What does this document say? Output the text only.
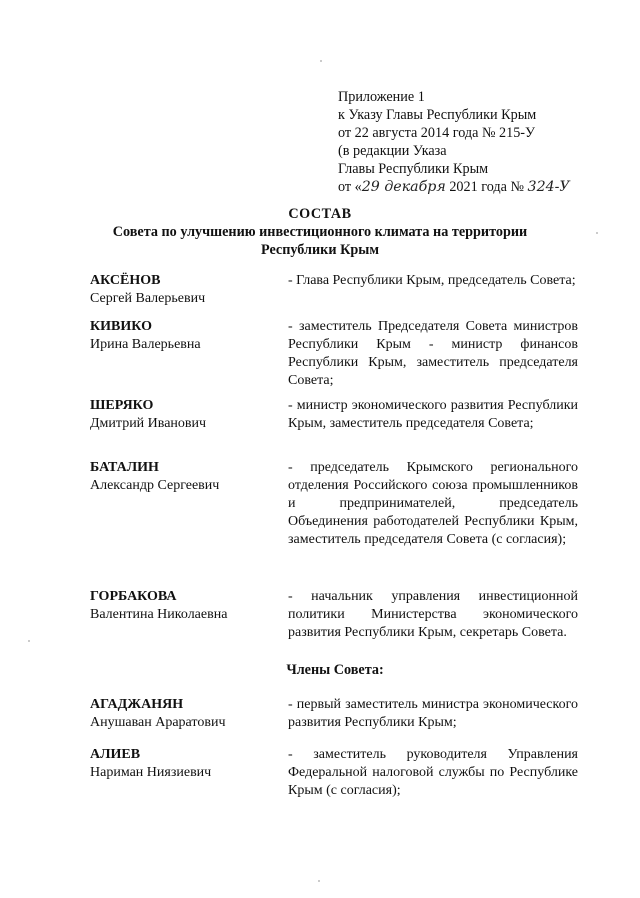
Приложение 1
к Указу Главы Республики Крым
от 22 августа 2014 года № 215-У
(в редакции Указа
Главы Республики Крым
от «29 декабря 2021 года № 324-У
СОСТАВ
Совета по улучшению инвестиционного климата на территории
Республики Крым
АКСЁНОВ
Сергей Валерьевич
- Глава Республики Крым, председатель Совета;
КИВИКО
Ирина Валерьевна
- заместитель Председателя Совета министров Республики Крым - министр финансов Республики Крым, заместитель председателя Совета;
ШЕРЯКО
Дмитрий Иванович
- министр экономического развития Республики Крым, заместитель председателя Совета;
БАТАЛИН
Александр Сергеевич
- председатель Крымского регионального отделения Российского союза промышленников и предпринимателей, председатель Объединения работодателей Республики Крым, заместитель председателя Совета (с согласия);
ГОРБАКОВА
Валентина Николаевна
- начальник управления инвестиционной политики Министерства экономического развития Республики Крым, секретарь Совета.
Члены Совета:
АГАДЖАНЯН
Анушаван Араратович
- первый заместитель министра экономического развития Республики Крым;
АЛИЕВ
Нариман Ниязиевич
- заместитель руководителя Управления Федеральной налоговой службы по Республике Крым (с согласия);
